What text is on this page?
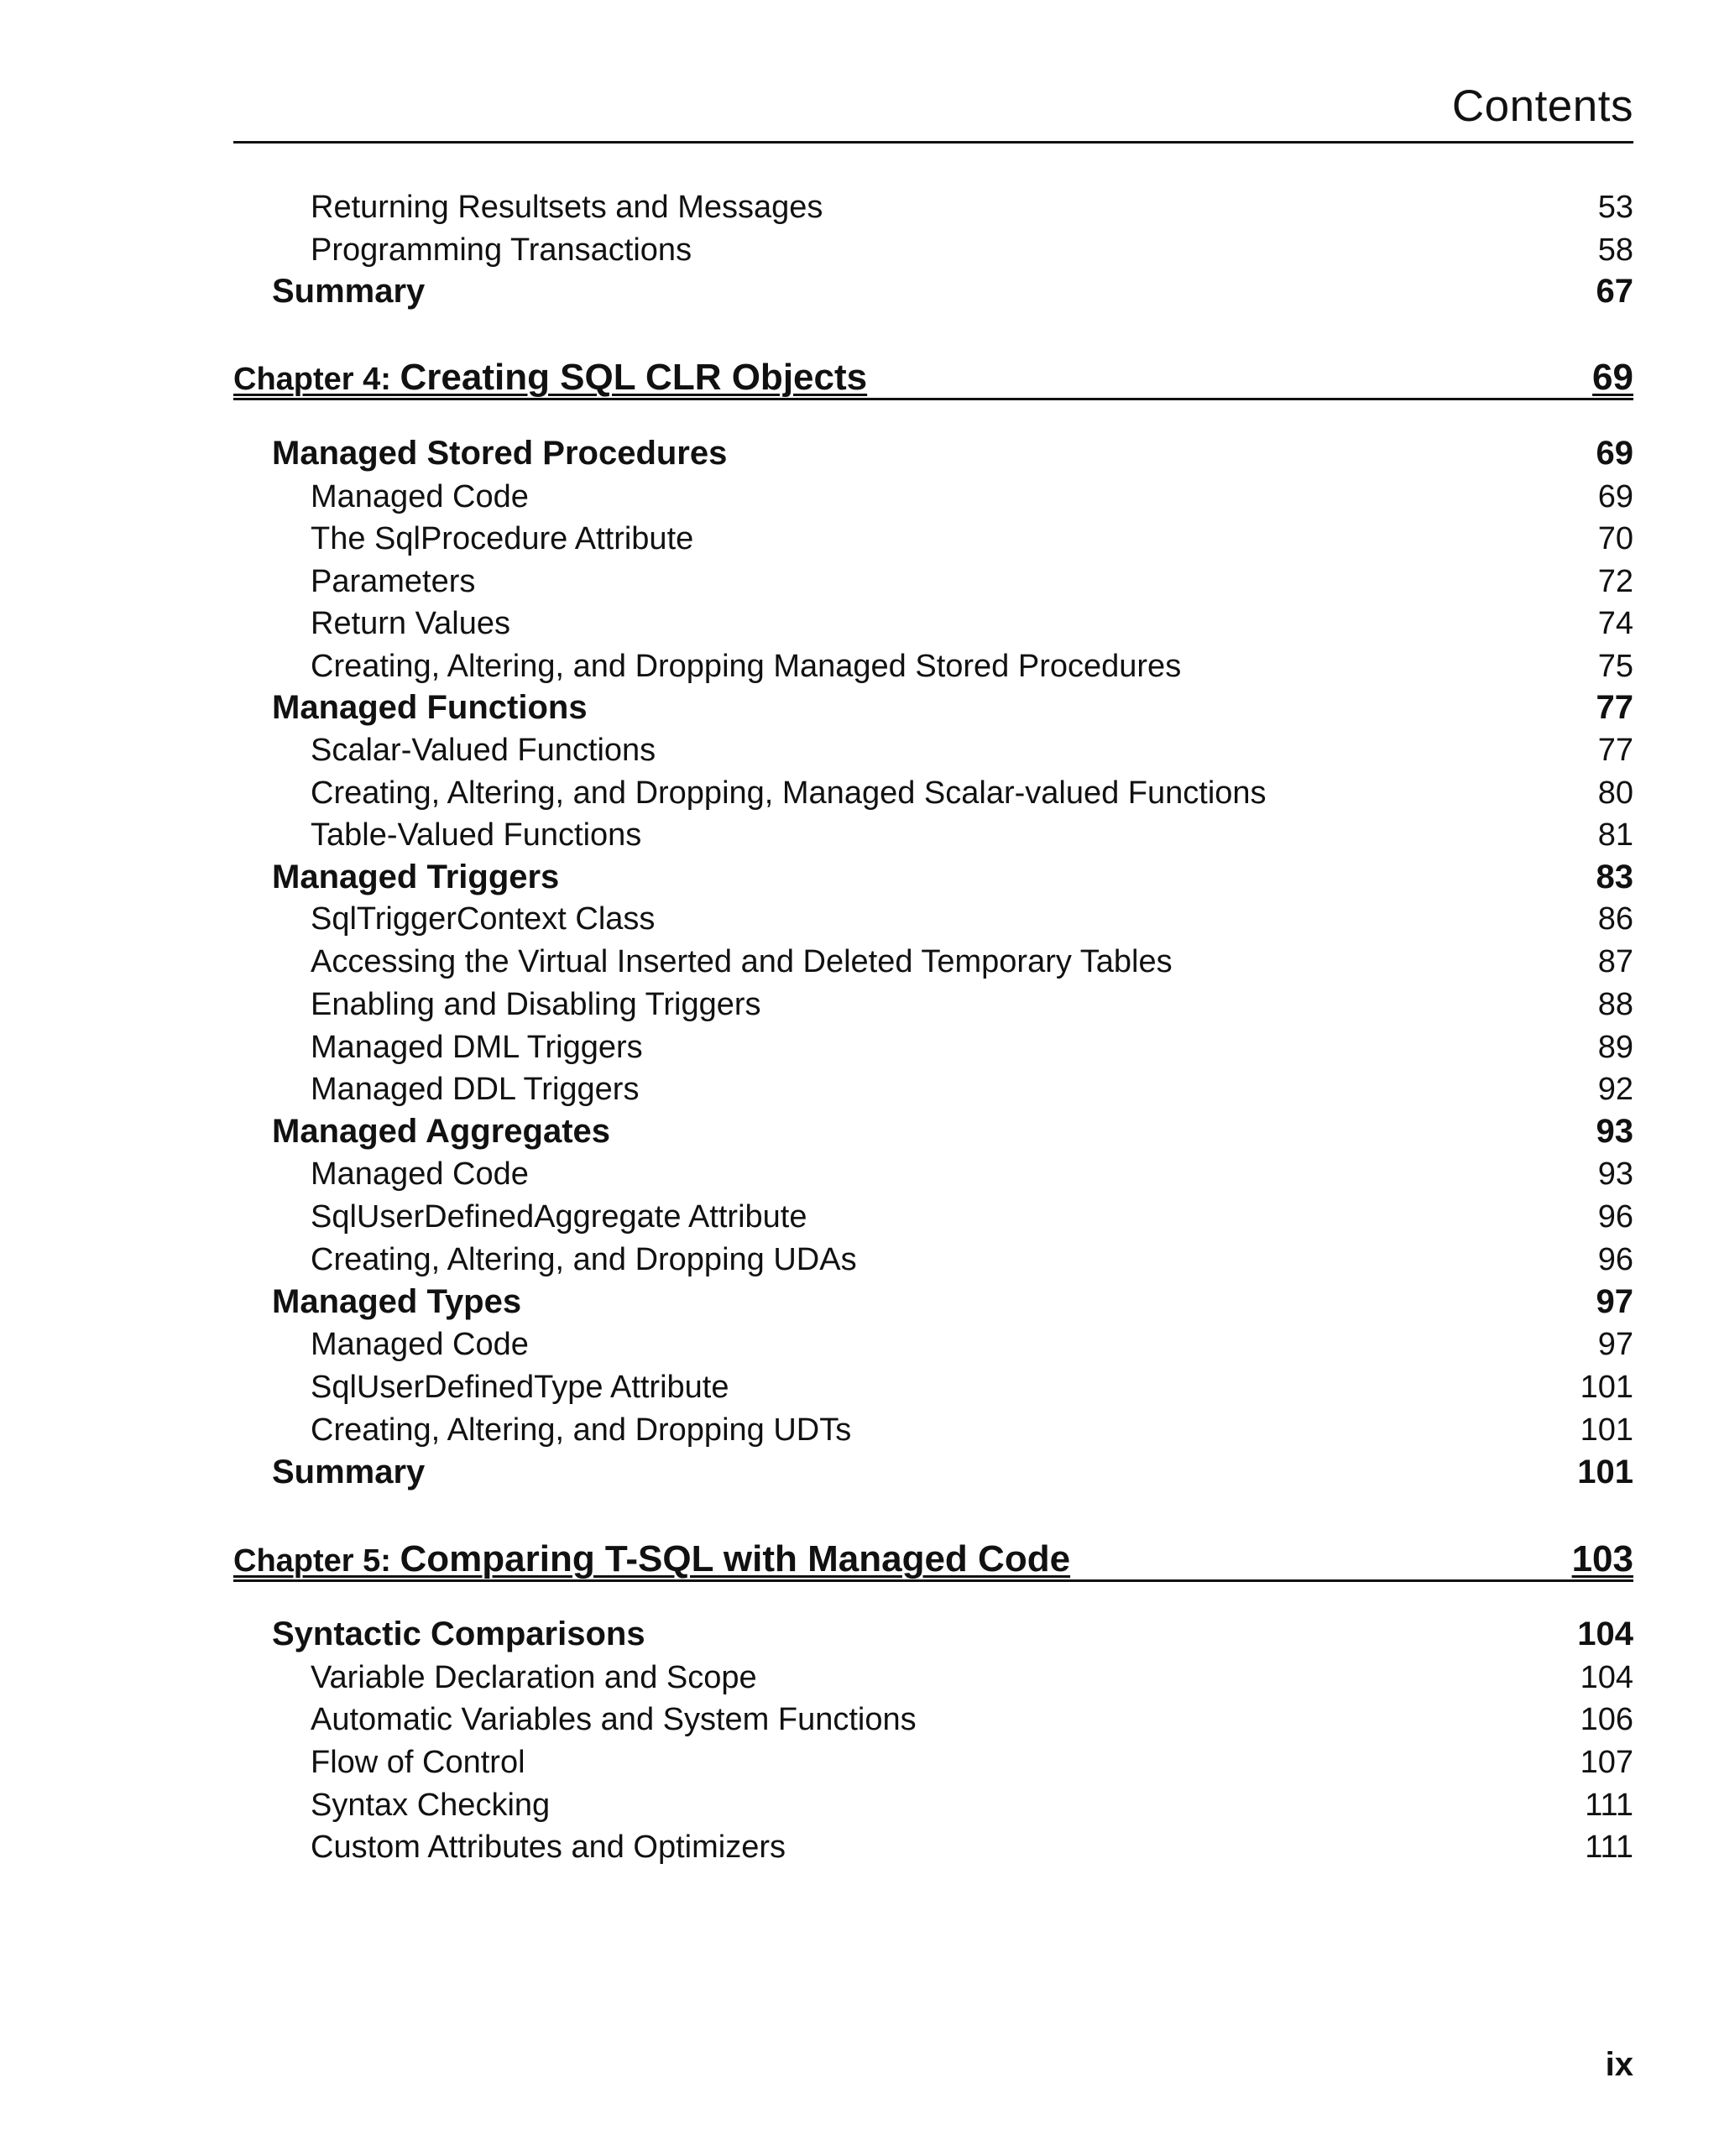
Contents
Returning Resultsets and Messages	53
Programming Transactions	58
Summary	67
Chapter 4: Creating SQL CLR Objects	69
Managed Stored Procedures	69
Managed Code	69
The SqlProcedure Attribute	70
Parameters	72
Return Values	74
Creating, Altering, and Dropping Managed Stored Procedures	75
Managed Functions	77
Scalar-Valued Functions	77
Creating, Altering, and Dropping, Managed Scalar-valued Functions	80
Table-Valued Functions	81
Managed Triggers	83
SqlTriggerContext Class	86
Accessing the Virtual Inserted and Deleted Temporary Tables	87
Enabling and Disabling Triggers	88
Managed DML Triggers	89
Managed DDL Triggers	92
Managed Aggregates	93
Managed Code	93
SqlUserDefinedAggregate Attribute	96
Creating, Altering, and Dropping UDAs	96
Managed Types	97
Managed Code	97
SqlUserDefinedType Attribute	101
Creating, Altering, and Dropping UDTs	101
Summary	101
Chapter 5: Comparing T-SQL with Managed Code	103
Syntactic Comparisons	104
Variable Declaration and Scope	104
Automatic Variables and System Functions	106
Flow of Control	107
Syntax Checking	111
Custom Attributes and Optimizers	111
ix
